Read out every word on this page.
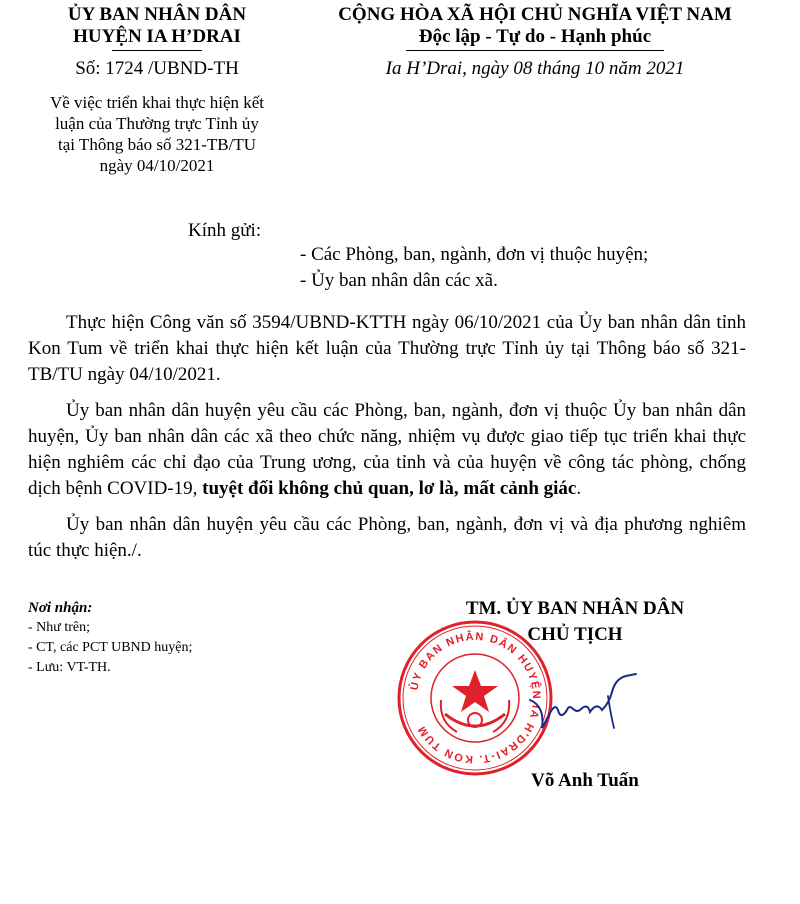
ỦY BAN NHÂN DÂN
HUYỆN IA H’DRAI
CỘNG HÒA XÃ HỘI CHỦ NGHĨA VIỆT NAM
Độc lập - Tự do - Hạnh phúc
Số: 1724 /UBND-TH	Ia H’Drai, ngày 08 tháng 10 năm 2021
Về việc triển khai thực hiện kết
luận của Thường trực Tỉnh ủy
tại Thông báo số 321-TB/TU
ngày 04/10/2021
Kính gửi:
- Các Phòng, ban, ngành, đơn vị thuộc huyện;
- Ủy ban nhân dân các xã.

Thực hiện Công văn số 3594/UBND-KTTH ngày 06/10/2021 của Ủy ban nhân dân tỉnh Kon Tum về triển khai thực hiện kết luận của Thường trực Tỉnh ủy tại Thông báo số 321-TB/TU ngày 04/10/2021.

Ủy ban nhân dân huyện yêu cầu các Phòng, ban, ngành, đơn vị thuộc Ủy ban nhân dân huyện, Ủy ban nhân dân các xã theo chức năng, nhiệm vụ được giao tiếp tục triển khai thực hiện nghiêm các chỉ đạo của Trung ương, của tỉnh và của huyện về công tác phòng, chống dịch bệnh COVID-19, tuyệt đối không chủ quan, lơ là, mất cảnh giác.

Ủy ban nhân dân huyện yêu cầu các Phòng, ban, ngành, đơn vị và địa phương nghiêm túc thực hiện./.

Nơi nhận:
- Như trên;
- CT, các PCT UBND huyện;
- Lưu: VT-TH.
TM. ỦY BAN NHÂN DÂN
CHỦ TỊCH
ỦY BAN NHÂN DÂN HUYỆN IA H'DRAI-T. KON TUM
Võ Anh Tuấn
